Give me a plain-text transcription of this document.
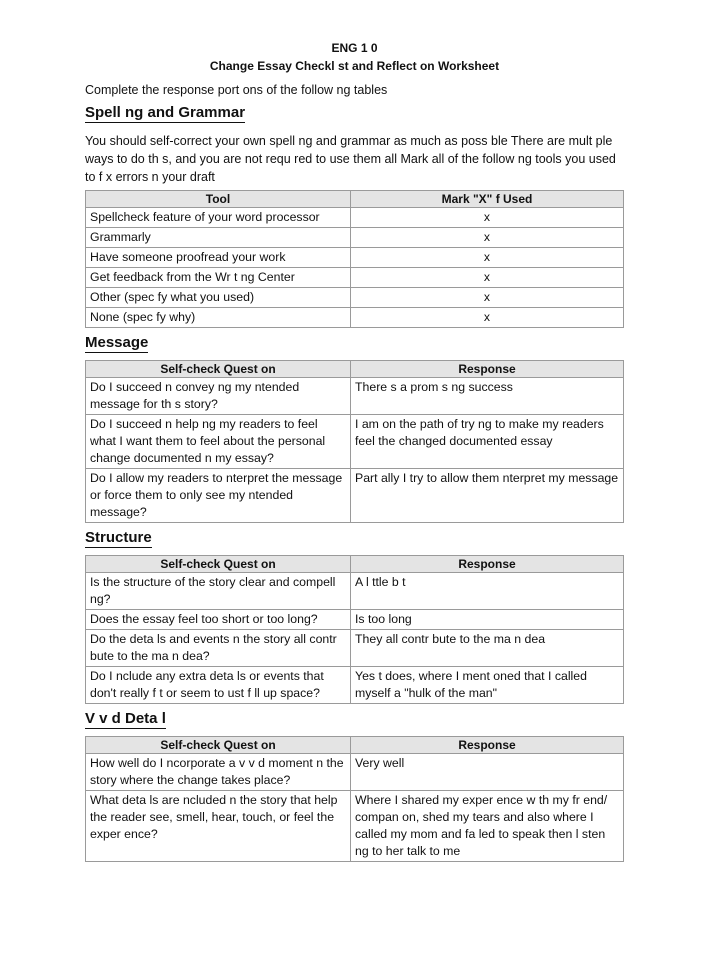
ENG 1 0
Change Essay Checkl st and Reflect on Worksheet
Complete the response port ons of the follow ng tables
Spell ng and Grammar
You should self-correct your own spell ng and grammar as much as poss ble There are mult ple ways to do th s, and you are not requ red to use them all Mark all of the follow ng tools you used to f x errors n your draft
Tool	Mark "X" f Used
Spellcheck feature of your word processor	x
Grammarly	x
Have someone proofread your work	x
Get feedback from the Wr t ng Center	x
Other (spec fy what you used)	x
None (spec fy why)	x
Message
Self-check Quest on	Response
Do I succeed n convey ng my ntended message for th s story?	There s a prom s ng success
Do I succeed n help ng my readers to feel what I want them to feel about the personal change documented n my essay?	I am on the path of try ng to make my readers feel the changed documented essay
Do I allow my readers to nterpret the message or force them to only see my ntended message?	Part ally I try to allow them nterpret my message
Structure
Self-check Quest on	Response
Is the structure of the story clear and compell ng?	A l ttle b t
Does the essay feel too short or too long?	Is too long
Do the deta ls and events n the story all contr bute to the ma n dea?	They all contr bute to the ma n dea
Do I nclude any extra deta ls or events that don't really f t or seem to ust f ll up space?	Yes t does, where I ment oned that I called myself a "hulk of the man"
V v d Deta l
Self-check Quest on	Response
How well do I ncorporate a v v d moment n the story where the change takes place?	Very well
What deta ls are ncluded n the story that help the reader see, smell, hear, touch, or feel the exper ence?	Where I shared my exper ence w th my fr end/ compan on, shed my tears and also where I called my mom and fa led to speak then l sten ng to her talk to me
